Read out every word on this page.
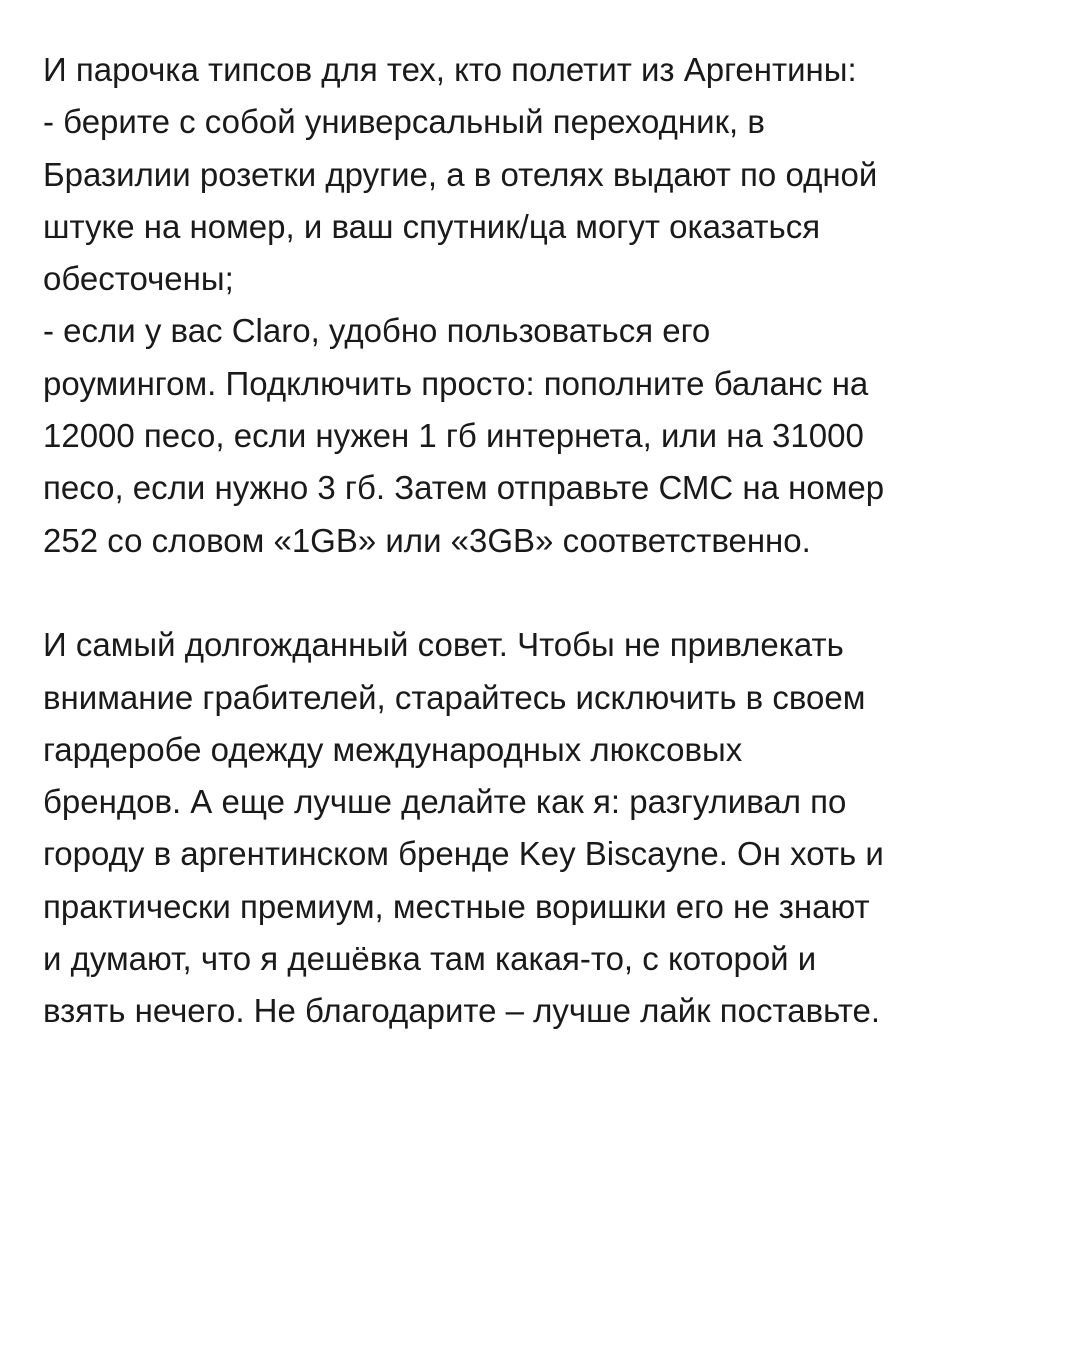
И парочка типсов для тех, кто полетит из Аргентины:
- берите с собой универсальный переходник, в
Бразилии розетки другие, а в отелях выдают по одной
штуке на номер, и ваш спутник/ца могут оказаться
обесточены;
- если у вас Claro, удобно пользоваться его
роумингом. Подключить просто: пополните баланс на
12000 песо, если нужен 1 гб интернета, или на 31000
песо, если нужно 3 гб. Затем отправьте СМС на номер
252 со словом «1GB» или «3GB» соответственно.
И самый долгожданный совет. Чтобы не привлекать
внимание грабителей, старайтесь исключить в своем
гардеробе одежду международных люксовых
брендов. А еще лучше делайте как я: разгуливал по
городу в аргентинском бренде Key Biscayne. Он хоть и
практически премиум, местные воришки его не знают
и думают, что я дешёвка там какая-то, с которой и
взять нечего. Не благодарите – лучше лайк поставьте.
